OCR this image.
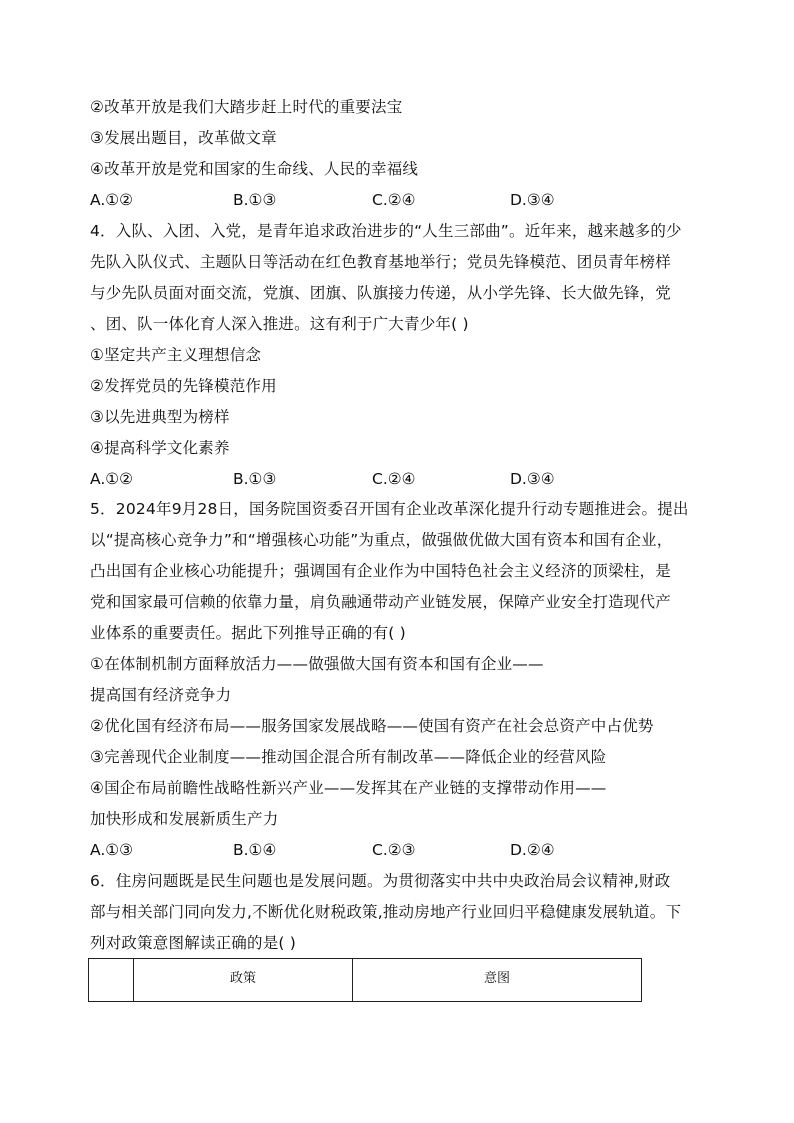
②改革开放是我们大踏步赶上时代的重要法宝
③发展出题目，改革做文章
④改革开放是党和国家的生命线、人民的幸福线
A.①②	B.①③	C.②④	D.③④
4．入队、入团、入党，是青年追求政治进步的“人生三部曲”。近年来，越来越多的少
先队入队仪式、主题队日等活动在红色教育基地举行；党员先锋模范、团员青年榜样
与少先队员面对面交流，党旗、团旗、队旗接力传递，从小学先锋、长大做先锋，党
、团、队一体化育人深入推进。这有利于广大青少年( )
①坚定共产主义理想信念
②发挥党员的先锋模范作用
③以先进典型为榜样
④提高科学文化素养
A.①②	B.①③	C.②④	D.③④
5．2024年9月28日，国务院国资委召开国有企业改革深化提升行动专题推进会。提出
以“提高核心竞争力”和“增强核心功能”为重点，做强做优做大国有资本和国有企业，
凸出国有企业核心功能提升；强调国有企业作为中国特色社会主义经济的顶梁柱，是
党和国家最可信赖的依靠力量，肩负融通带动产业链发展，保障产业安全打造现代产
业体系的重要责任。据此下列推导正确的有( )
①在体制机制方面释放活力——做强做大国有资本和国有企业——
提高国有经济竞争力
②优化国有经济布局——服务国家发展战略——使国有资产在社会总资产中占优势
③完善现代企业制度——推动国企混合所有制改革——降低企业的经营风险
④国企布局前瞻性战略性新兴产业——发挥其在产业链的支撑带动作用——
加快形成和发展新质生产力
A.①③	B.①④	C.②③	D.②④
6．住房问题既是民生问题也是发展问题。为贯彻落实中共中央政治局会议精神,财政
部与相关部门同向发力,不断优化财税政策,推动房地产行业回归平稳健康发展轨道。下
列对政策意图解读正确的是( )
	政策	意图
